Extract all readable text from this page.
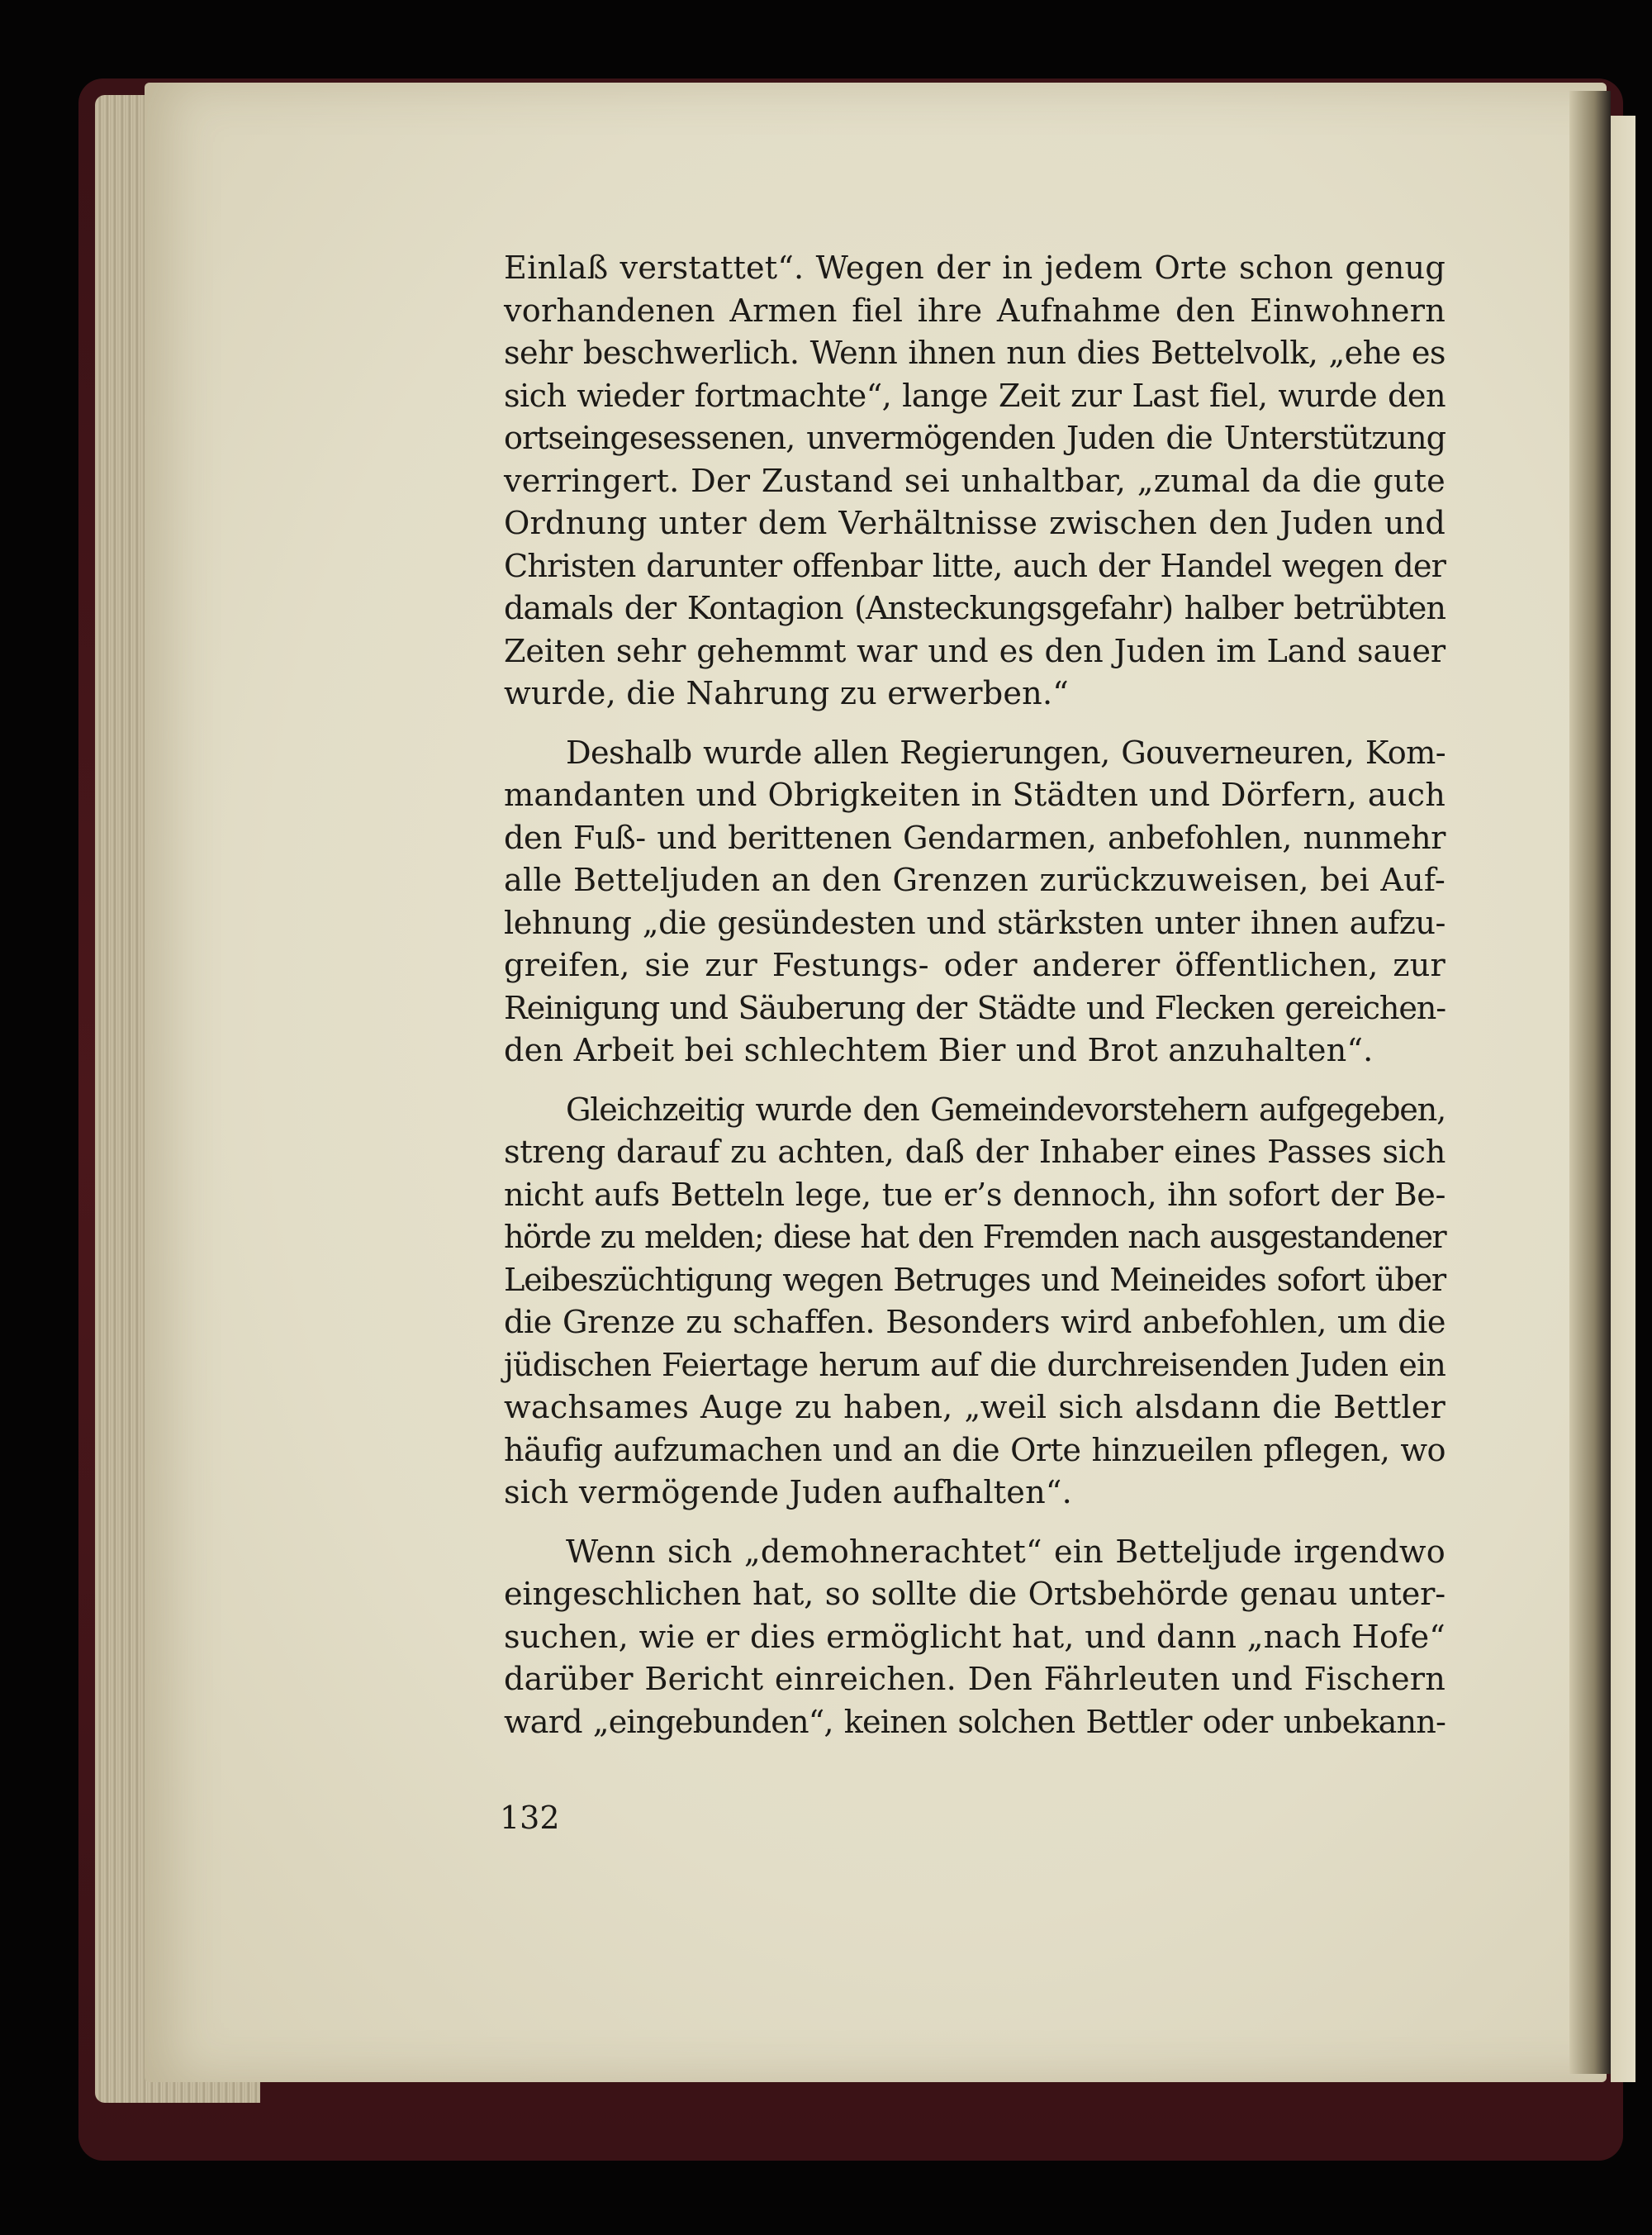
Einlaß verstattet“. Wegen der in jedem Orte schon genug
vorhandenen Armen fiel ihre Aufnahme den Einwohnern
sehr beschwerlich. Wenn ihnen nun dies Bettelvolk, „ehe es
sich wieder fortmachte“, lange Zeit zur Last fiel, wurde den
ortseingesessenen, unvermögenden Juden die Unterstützung
verringert. Der Zustand sei unhaltbar, „zumal da die gute
Ordnung unter dem Verhältnisse zwischen den Juden und
Christen darunter offenbar litte, auch der Handel wegen der
damals der Kontagion (Ansteckungsgefahr) halber betrübten
Zeiten sehr gehemmt war und es den Juden im Land sauer
wurde, die Nahrung zu erwerben.“

Deshalb wurde allen Regierungen, Gouverneuren, Kom-
mandanten und Obrigkeiten in Städten und Dörfern, auch
den Fuß- und berittenen Gendarmen, anbefohlen, nunmehr
alle Betteljuden an den Grenzen zurückzuweisen, bei Auf-
lehnung „die gesündesten und stärksten unter ihnen aufzu-
greifen, sie zur Festungs- oder anderer öffentlichen, zur
Reinigung und Säuberung der Städte und Flecken gereichen-
den Arbeit bei schlechtem Bier und Brot anzuhalten“.

Gleichzeitig wurde den Gemeindevorstehern aufgegeben,
streng darauf zu achten, daß der Inhaber eines Passes sich
nicht aufs Betteln lege, tue er’s dennoch, ihn sofort der Be-
hörde zu melden; diese hat den Fremden nach ausgestandener
Leibeszüchtigung wegen Betruges und Meineides sofort über
die Grenze zu schaffen. Besonders wird anbefohlen, um die
jüdischen Feiertage herum auf die durchreisenden Juden ein
wachsames Auge zu haben, „weil sich alsdann die Bettler
häufig aufzumachen und an die Orte hinzueilen pflegen, wo
sich vermögende Juden aufhalten“.

Wenn sich „demohnerachtet“ ein Betteljude irgendwo
eingeschlichen hat, so sollte die Ortsbehörde genau unter-
suchen, wie er dies ermöglicht hat, und dann „nach Hofe“
darüber Bericht einreichen. Den Fährleuten und Fischern
ward „eingebunden“, keinen solchen Bettler oder unbekann-

132
